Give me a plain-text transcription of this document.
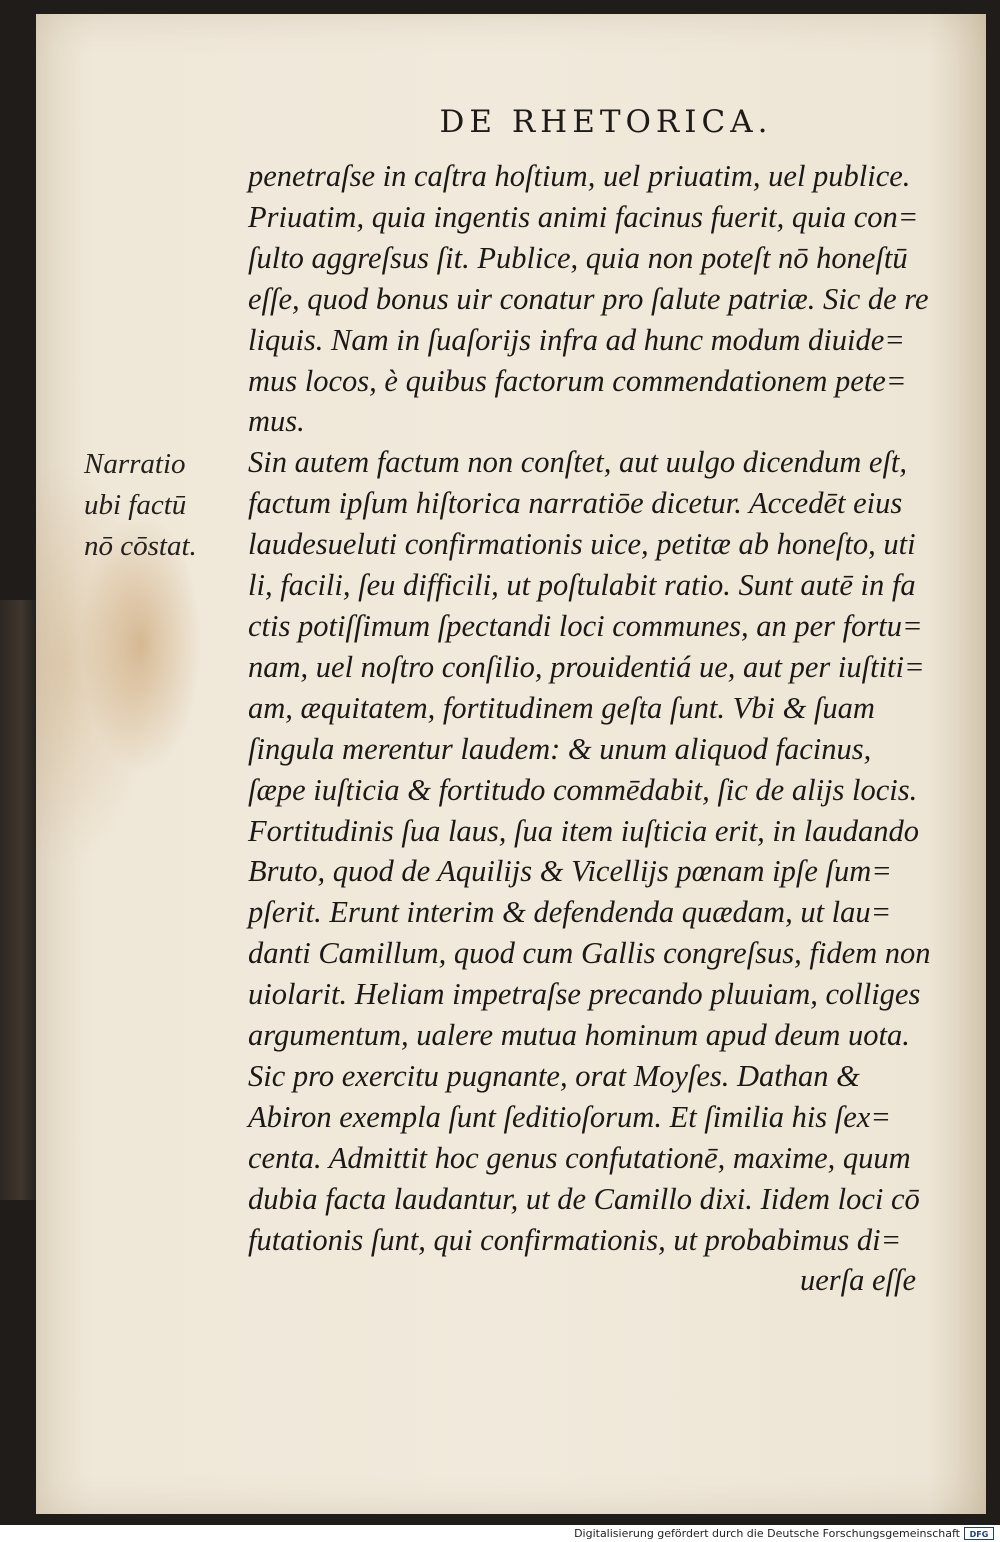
DE RHETORICA.
Narratio
ubi factū
nō cōstat.
penetraſse in caſtra hoſtium, uel priuatim, uel publice.
Priuatim, quia ingentis animi facinus fuerit, quia con=
ſulto aggreſsus ſit. Publice, quia non poteſt nō honeſtū
eſſe, quod bonus uir conatur pro ſalute patriæ. Sic de re
liquis. Nam in ſuaſorijs infra ad hunc modum diuide=
mus locos, è quibus factorum commendationem pete=
mus.
Sin autem factum non conſtet, aut uulgo dicendum eſt,
factum ipſum hiſtorica narratiōe dicetur. Accedēt eius
laudesueluti confirmationis uice, petitæ ab honeſto, uti
li, facili, ſeu difficili, ut poſtulabit ratio. Sunt autē in fa
ctis potiſſimum ſpectandi loci communes, an per fortu=
nam, uel noſtro conſilio, prouidentiá ue, aut per iuſtiti=
am, æquitatem, fortitudinem geſta ſunt. Vbi & ſuam
ſingula merentur laudem: & unum aliquod facinus,
ſæpe iuſticia & fortitudo commēdabit, ſic de alijs locis.
Fortitudinis ſua laus, ſua item iuſticia erit, in laudando
Bruto, quod de Aquilijs & Vicellijs pœnam ipſe ſum=
pſerit. Erunt interim & defendenda quædam, ut lau=
danti Camillum, quod cum Gallis congreſsus, fidem non
uiolarit. Heliam impetraſse precando pluuiam, colliges
argumentum, ualere mutua hominum apud deum uota.
Sic pro exercitu pugnante, orat Moyſes. Dathan &
Abiron exempla ſunt ſeditioſorum. Et ſimilia his ſex=
centa. Admittit hoc genus confutationē, maxime, quum
dubia facta laudantur, ut de Camillo dixi. Iidem loci cō
futationis ſunt, qui confirmationis, ut probabimus di=
uerſa eſſe
Digitalisierung gefördert durch die Deutsche Forschungsgemeinschaft	DFG
